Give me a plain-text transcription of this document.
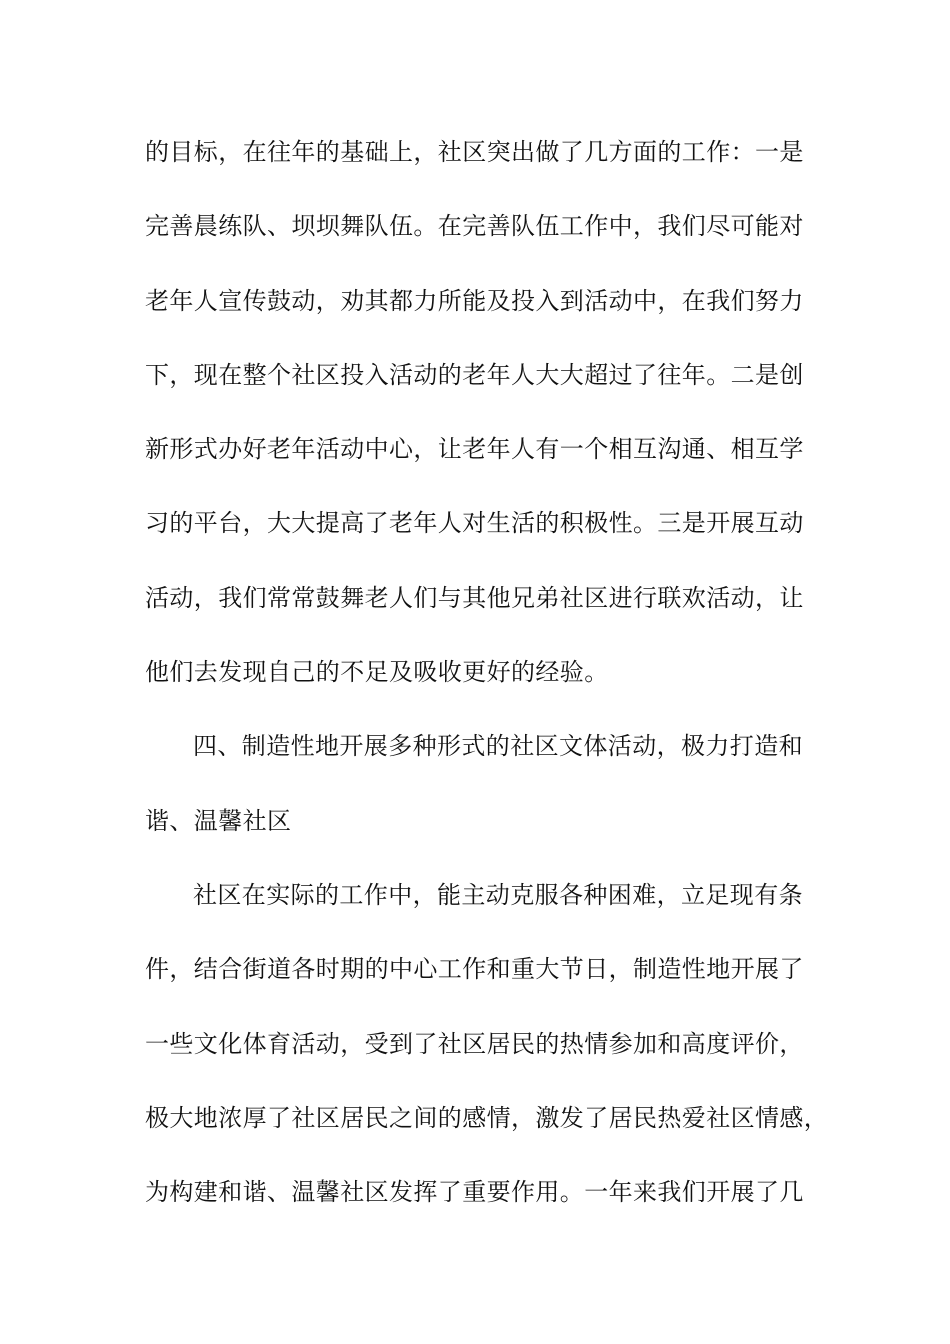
的目标，在往年的基础上，社区突出做了几方面的工作：一是
完善晨练队、坝坝舞队伍。在完善队伍工作中，我们尽可能对
老年人宣传鼓动，劝其都力所能及投入到活动中，在我们努力
下，现在整个社区投入活动的老年人大大超过了往年。二是创
新形式办好老年活动中心，让老年人有一个相互沟通、相互学
习的平台，大大提高了老年人对生活的积极性。三是开展互动
活动，我们常常鼓舞老人们与其他兄弟社区进行联欢活动，让
他们去发现自己的不足及吸收更好的经验。
四、制造性地开展多种形式的社区文体活动，极力打造和
谐、温馨社区
社区在实际的工作中，能主动克服各种困难，立足现有条
件，结合街道各时期的中心工作和重大节日，制造性地开展了
一些文化体育活动，受到了社区居民的热情参加和高度评价，
极大地浓厚了社区居民之间的感情，激发了居民热爱社区情感，
为构建和谐、温馨社区发挥了重要作用。一年来我们开展了几
